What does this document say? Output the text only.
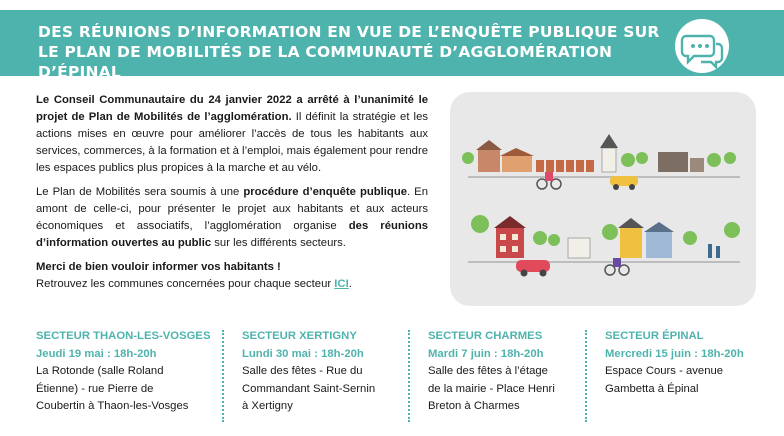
DES RÉUNIONS D’INFORMATION EN VUE DE L’ENQUÊTE PUBLIQUE SUR
LE PLAN DE MOBILITÉS DE LA COMMUNAUTÉ D’AGGLOMÉRATION D’ÉPINAL

Le Conseil Communautaire du 24 janvier 2022 a arrêté à l’unanimité le projet de Plan de Mobilités de l’agglomération. Il définit la stratégie et les actions mises en œuvre pour améliorer l’accès de tous les habitants aux services, commerces, à la formation et à l’emploi, mais également pour rendre les espaces publics plus propices à la marche et au vélo.

Le Plan de Mobilités sera soumis à une procédure d’enquête publique. En amont de celle-ci, pour présenter le projet aux habitants et aux acteurs économiques et associatifs, l’agglomération organise des réunions d’information ouvertes au public sur les différents secteurs.

Merci de bien vouloir informer vos habitants !

Retrouvez les communes concernées pour chaque secteur ICI.

SECTEUR THAON-LES-VOSGES
Jeudi 19 mai : 18h-20h
La Rotonde (salle Roland
Étienne) - rue Pierre de
Coubertin à Thaon-les-Vosges
SECTEUR XERTIGNY
Lundi 30 mai : 18h-20h
Salle des fêtes - Rue du
Commandant Saint-Sernin
à Xertigny
SECTEUR CHARMES
Mardi 7 juin : 18h-20h
Salle des fêtes à l’étage
de la mairie - Place Henri
Breton à Charmes
SECTEUR ÉPINAL
Mercredi 15 juin : 18h-20h
Espace Cours - avenue
Gambetta à Épinal
